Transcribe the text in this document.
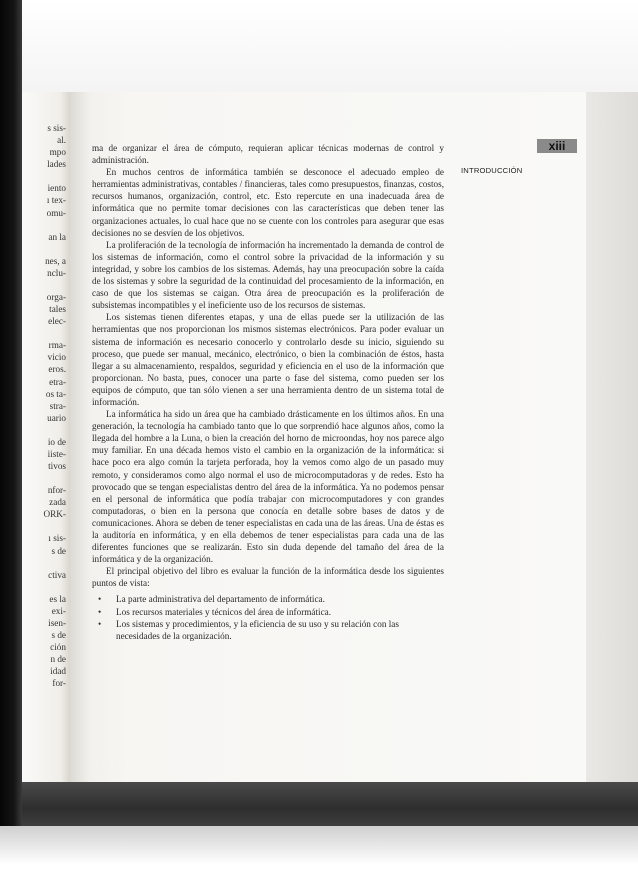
s sis-
al.
mpo
lades
iento
ı tex-
omu-
an la
nes, a
nclu-
orga-
tales
elec-
rma-
vicio
eros.
etra-
os ta-
stra-
uario
io de
iiste-
tivos
nfor-
zada
ORK-
ı sis-
s de
ctiva
es la
exi-
isen-
s de
ción
n de
idad
for-
xiii
INTRODUCCIÓN

ma de organizar el área de cómputo, requieran aplicar técnicas modernas de control y administración.

En muchos centros de informática también se desconoce el adecuado empleo de herramientas administrativas, contables / financieras, tales como presupuestos, finanzas, costos, recursos humanos, organización, control, etc. Esto repercute en una inadecuada área de informática que no permite tomar decisiones con las características que deben tener las organizaciones actuales, lo cual hace que no se cuente con los controles para asegurar que esas decisiones no se desvíen de los objetivos.

La proliferación de la tecnología de información ha incrementado la demanda de control de los sistemas de información, como el control sobre la privacidad de la información y su integridad, y sobre los cambios de los sistemas. Además, hay una preocupación sobre la caída de los sistemas y sobre la seguridad de la continuidad del procesamiento de la información, en caso de que los sistemas se caigan. Otra área de preocupación es la proliferación de subsistemas incompatibles y el ineficiente uso de los recursos de sistemas.

Los sistemas tienen diferentes etapas, y una de ellas puede ser la utilización de las herramientas que nos proporcionan los mismos sistemas electrónicos. Para poder evaluar un sistema de información es necesario conocerlo y controlarlo desde su inicio, siguiendo su proceso, que puede ser manual, mecánico, electrónico, o bien la combinación de éstos, hasta llegar a su almacenamiento, respaldos, seguridad y eficiencia en el uso de la información que proporcionan. No basta, pues, conocer una parte o fase del sistema, como pueden ser los equipos de cómputo, que tan sólo vienen a ser una herramienta dentro de un sistema total de información.

La informática ha sido un área que ha cambiado drásticamente en los últimos años. En una generación, la tecnología ha cambiado tanto que lo que sorprendió hace algunos años, como la llegada del hombre a la Luna, o bien la creación del horno de microondas, hoy nos parece algo muy familiar. En una década hemos visto el cambio en la organización de la informática: si hace poco era algo común la tarjeta perforada, hoy la vemos como algo de un pasado muy remoto, y consideramos como algo normal el uso de microcomputadoras y de redes. Esto ha provocado que se tengan especialistas dentro del área de la informática. Ya no podemos pensar en el personal de informática que podía trabajar con microcomputadores y con grandes computadoras, o bien en la persona que conocía en detalle sobre bases de datos y de comunicaciones. Ahora se deben de tener especialistas en cada una de las áreas. Una de éstas es la auditoría en informática, y en ella debemos de tener especialistas para cada una de las diferentes funciones que se realizarán. Esto sin duda depende del tamaño del área de la informática y de la organización.

El principal objetivo del libro es evaluar la función de la informática desde los siguientes puntos de vista:

• La parte administrativa del departamento de informática.
• Los recursos materiales y técnicos del área de informática.
• Los sistemas y procedimientos, y la eficiencia de su uso y su relación con las necesidades de la organización.
